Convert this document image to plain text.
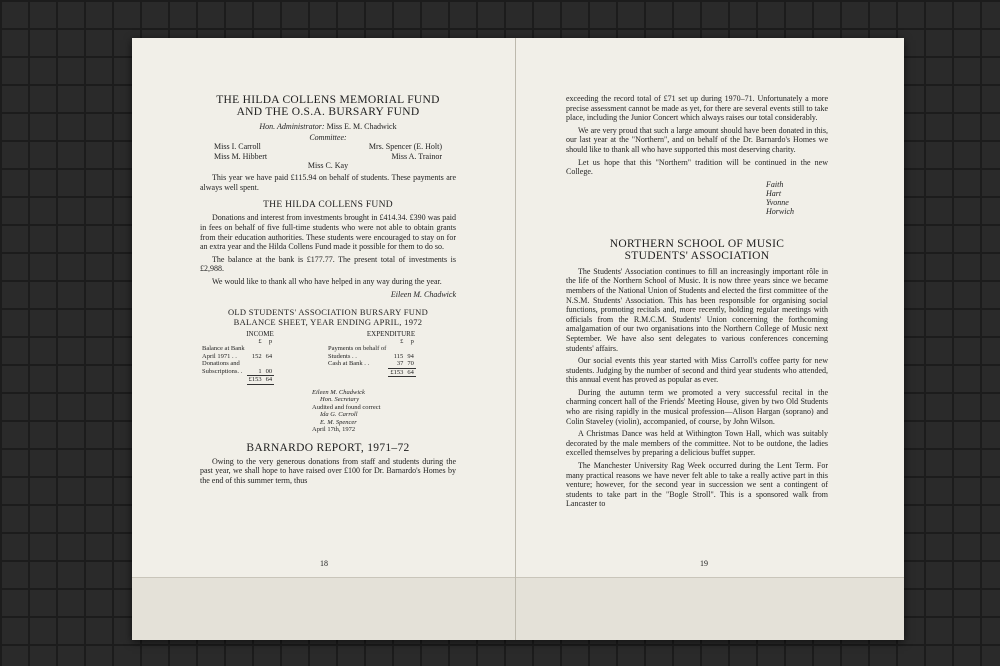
THE HILDA COLLENS MEMORIAL FUND
AND THE O.S.A. BURSARY FUND
Hon. Administrator: Miss E. M. Chadwick
Committee:
Miss I. Carroll	Mrs. Spencer (E. Holt)
Miss M. Hibbert	Miss A. Trainor
Miss C. Kay

This year we have paid £115.94 on behalf of students. These payments are always well spent.

THE HILDA COLLENS FUND

Donations and interest from investments brought in £414.34. £390 was paid in fees on behalf of five full-time students who were not able to obtain grants from their education authorities. These students were encouraged to stay on for an extra year and the Hilda Collens Fund made it possible for them to do so.

The balance at the bank is £177.77. The present total of investments is £2,988.

We would like to thank all who have helped in any way during the year.

Eileen M. Chadwick
OLD STUDENTS' ASSOCIATION BURSARY FUND
BALANCE SHEET, YEAR ENDING APRIL, 1972
INCOME
	£	p
Balance at Bank		
April 1971 . .	152	64
Donations and		
Subscriptions. .	1	00
	£153	64
EXPENDITURE
	£	p
Payments on behalf of		
Students . .	115	94
Cash at Bank . .	37	70
	£153	64
Eileen M. Chadwick
Hon. Secretary
Audited and found correct
Ida G. Carroll
E. M. Spencer
April 17th, 1972
BARNARDO REPORT, 1971–72

Owing to the very generous donations from staff and students during the past year, we shall hope to have raised over £100 for Dr. Barnardo's Homes by the end of this summer term, thus

18

exceeding the record total of £71 set up during 1970–71. Unfortunately a more precise assessment cannot be made as yet, for there are several events still to take place, including the Junior Concert which always raises our total considerably.

We are very proud that such a large amount should have been donated in this, our last year at the "Northern", and on behalf of the Dr. Barnardo's Homes we should like to thank all who have supported this most deserving charity.

Let us hope that this "Northern" tradition will be continued in the new College.

Faith Hart
Yvonne Horwich
NORTHERN SCHOOL OF MUSIC
STUDENTS' ASSOCIATION

The Students' Association continues to fill an increasingly important rôle in the life of the Northern School of Music. It is now three years since we became members of the National Union of Students and elected the first committee of the N.S.M. Students' Association. This has been responsible for organising social functions, promoting recitals and, more recently, holding regular meetings with officials from the R.M.C.M. Students' Union concerning the forthcoming amalgamation of our two organisations into the Northern College of Music next September. We have also sent delegates to various conferences concerning students' affairs.

Our social events this year started with Miss Carroll's coffee party for new students. Judging by the number of second and third year students who attended, this annual event has proved as popular as ever.

During the autumn term we promoted a very successful recital in the charming concert hall of the Friends' Meeting House, given by two Old Students who are rising rapidly in the musical profession—Alison Hargan (soprano) and Colin Staveley (violin), accompanied, of course, by John Wilson.

A Christmas Dance was held at Withington Town Hall, which was suitably decorated by the male members of the committee. Not to be outdone, the ladies excelled themselves by preparing a delicious buffet supper.

The Manchester University Rag Week occurred during the Lent Term. For many practical reasons we have never felt able to take a really active part in this venture; however, for the second year in succession we sent a contingent of students to take part in the "Bogle Stroll". This is a sponsored walk from Lancaster to

19
